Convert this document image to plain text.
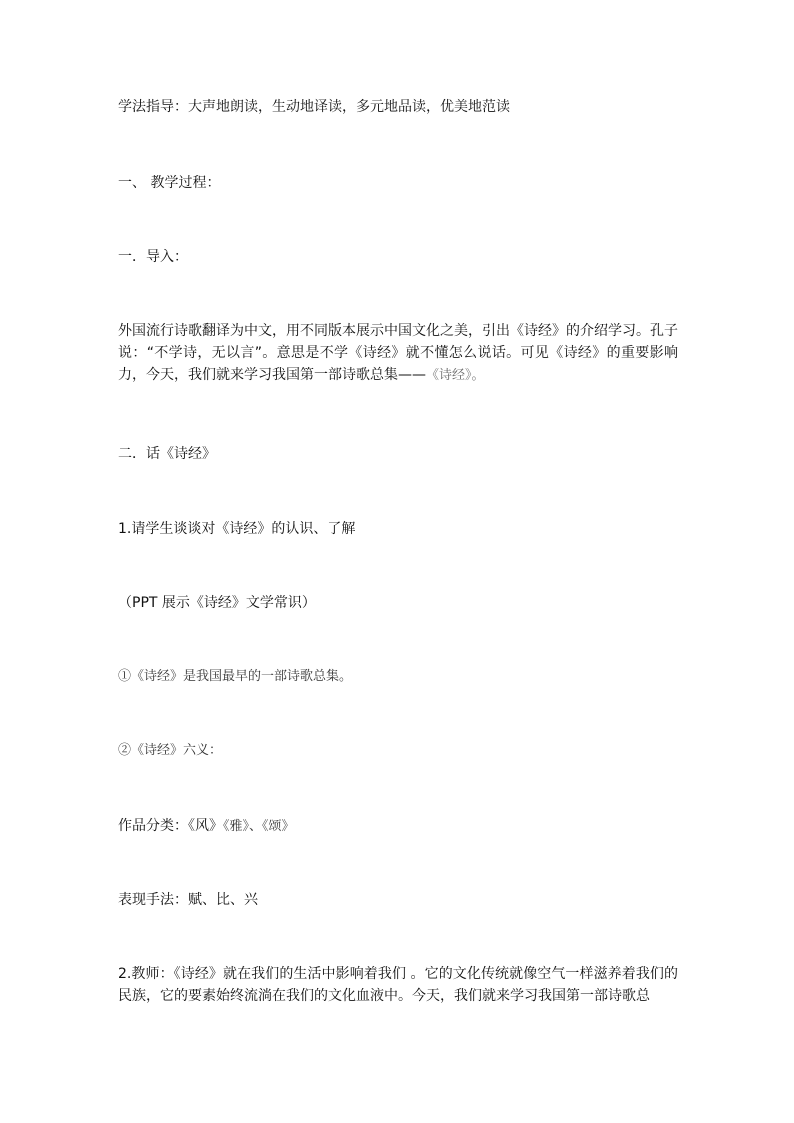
学法指导：大声地朗读，生动地译读，多元地品读，优美地范读

一、 教学过程：

一．导入：

外国流行诗歌翻译为中文，用不同版本展示中国文化之美，引出《诗经》的介绍学习。孔子说：“不学诗，无以言”。意思是不学《诗经》就不懂怎么说话。可见《诗经》的重要影响力，今天，我们就来学习我国第一部诗歌总集——《诗经》。

二．话《诗经》

1.请学生谈谈对《诗经》的认识、了解

（PPT 展示《诗经》文学常识）

①《诗经》是我国最早的一部诗歌总集。

②《诗经》六义：

作品分类：《风》《雅》、《颂》

表现手法：赋、比、兴

2.教师：《诗经》就在我们的生活中影响着我们 。它的文化传统就像空气一样滋养着我们的民族，它的要素始终流淌在我们的文化血液中。今天，我们就来学习我国第一部诗歌总
